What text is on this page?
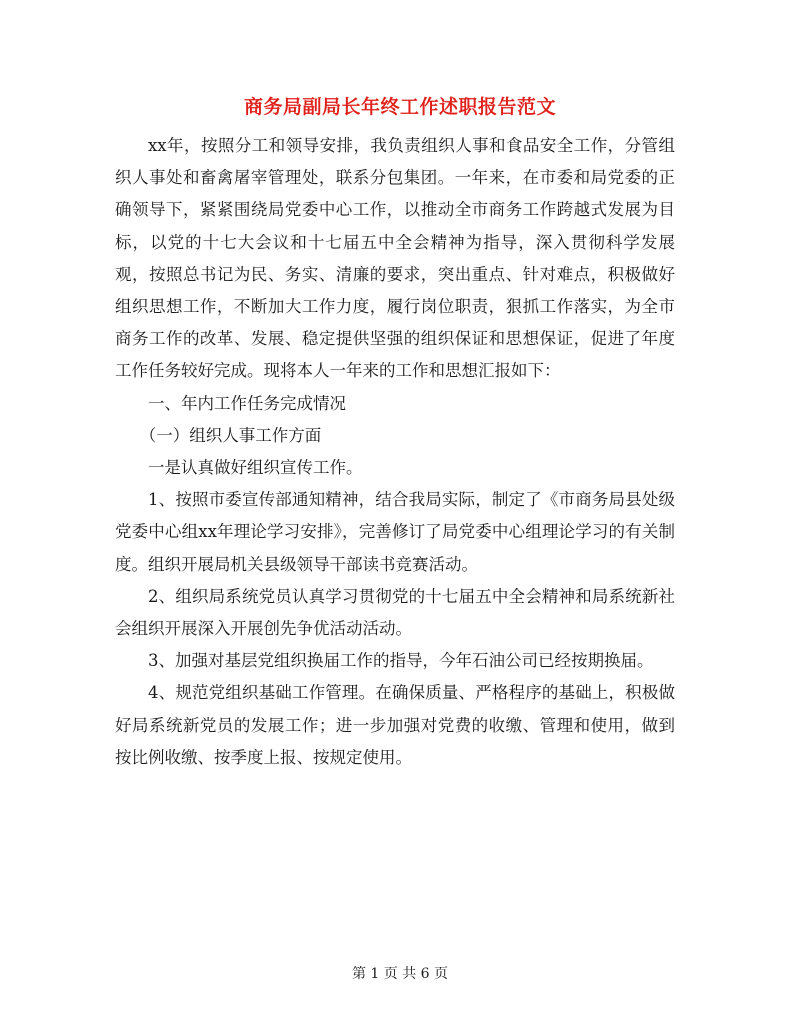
商务局副局长年终工作述职报告范文

xx年，按照分工和领导安排，我负责组织人事和食品安全工作，分管组织人事处和畜禽屠宰管理处，联系分包集团。一年来，在市委和局党委的正确领导下，紧紧围绕局党委中心工作，以推动全市商务工作跨越式发展为目标，以党的十七大会议和十七届五中全会精神为指导，深入贯彻科学发展观，按照总书记为民、务实、清廉的要求，突出重点、针对难点，积极做好组织思想工作，不断加大工作力度，履行岗位职责，狠抓工作落实，为全市商务工作的改革、发展、稳定提供坚强的组织保证和思想保证，促进了年度工作任务较好完成。现将本人一年来的工作和思想汇报如下：

一、年内工作任务完成情况

（一）组织人事工作方面

一是认真做好组织宣传工作。

1、按照市委宣传部通知精神，结合我局实际，制定了《市商务局县处级党委中心组xx年理论学习安排》，完善修订了局党委中心组理论学习的有关制度。组织开展局机关县级领导干部读书竞赛活动。

2、组织局系统党员认真学习贯彻党的十七届五中全会精神和局系统新社会组织开展深入开展创先争优活动活动。

3、加强对基层党组织换届工作的指导，今年石油公司已经按期换届。

4、规范党组织基础工作管理。在确保质量、严格程序的基础上，积极做好局系统新党员的发展工作；进一步加强对党费的收缴、管理和使用，做到按比例收缴、按季度上报、按规定使用。

第 1 页 共 6 页
